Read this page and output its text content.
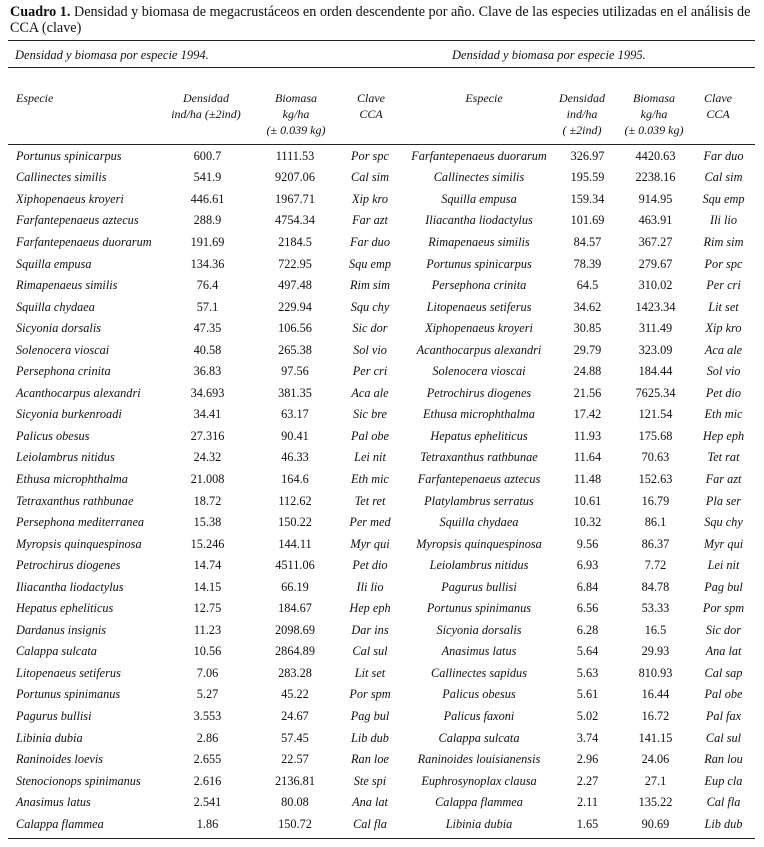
Cuadro 1. Densidad y biomasa de megacrustáceos en orden descendente por año. Clave de las especies utilizadas en el análisis de CCA (clave)
Densidad y biomasa por especie 1994.	Densidad y biomasa por especie 1995.
Especie	Densidad
ind/ha (±2ind)
Biomasa
kg/ha
(± 0.039 kg)
Clave
CCA
Especie	Densidad
ind/ha
( ±2ind)
Biomasa
kg/ha
(± 0.039 kg)
Clave
CCA
Portunus spinicarpus	600.7	1111.53	Por spc	Farfantepenaeus duorarum	326.97	4420.63	Far duo
Callinectes similis	541.9	9207.06	Cal sim	Callinectes similis	195.59	2238.16	Cal sim
Xiphopenaeus kroyeri	446.61	1967.71	Xip kro	Squilla empusa	159.34	914.95	Squ emp
Farfantepenaeus aztecus	288.9	4754.34	Far azt	Iliacantha liodactylus	101.69	463.91	Ili lio
Farfantepenaeus duorarum	191.69	2184.5	Far duo	Rimapenaeus similis	84.57	367.27	Rim sim
Squilla empusa	134.36	722.95	Squ emp	Portunus spinicarpus	78.39	279.67	Por spc
Rimapenaeus similis	76.4	497.48	Rim sim	Persephona crinita	64.5	310.02	Per cri
Squilla chydaea	57.1	229.94	Squ chy	Litopenaeus setiferus	34.62	1423.34	Lit set
Sicyonia dorsalis	47.35	106.56	Sic dor	Xiphopenaeus kroyeri	30.85	311.49	Xip kro
Solenocera vioscai	40.58	265.38	Sol vio	Acanthocarpus alexandri	29.79	323.09	Aca ale
Persephona crinita	36.83	97.56	Per cri	Solenocera vioscai	24.88	184.44	Sol vio
Acanthocarpus alexandri	34.693	381.35	Aca ale	Petrochirus diogenes	21.56	7625.34	Pet dio
Sicyonia burkenroadi	34.41	63.17	Sic bre	Ethusa microphthalma	17.42	121.54	Eth mic
Palicus obesus	27.316	90.41	Pal obe	Hepatus epheliticus	11.93	175.68	Hep eph
Leiolambrus nitidus	24.32	46.33	Lei nit	Tetraxanthus rathbunae	11.64	70.63	Tet rat
Ethusa microphthalma	21.008	164.6	Eth mic	Farfantepenaeus aztecus	11.48	152.63	Far azt
Tetraxanthus rathbunae	18.72	112.62	Tet ret	Platylambrus serratus	10.61	16.79	Pla ser
Persephona mediterranea	15.38	150.22	Per med	Squilla chydaea	10.32	86.1	Squ chy
Myropsis quinquespinosa	15.246	144.11	Myr qui	Myropsis quinquespinosa	9.56	86.37	Myr qui
Petrochirus diogenes	14.74	4511.06	Pet dio	Leiolambrus nitidus	6.93	7.72	Lei nit
Iliacantha liodactylus	14.15	66.19	Ili lio	Pagurus bullisi	6.84	84.78	Pag bul
Hepatus epheliticus	12.75	184.67	Hep eph	Portunus spinimanus	6.56	53.33	Por spm
Dardanus insignis	11.23	2098.69	Dar ins	Sicyonia dorsalis	6.28	16.5	Sic dor
Calappa sulcata	10.56	2864.89	Cal sul	Anasimus latus	5.64	29.93	Ana lat
Litopenaeus setiferus	7.06	283.28	Lit set	Callinectes sapidus	5.63	810.93	Cal sap
Portunus spinimanus	5.27	45.22	Por spm	Palicus obesus	5.61	16.44	Pal obe
Pagurus bullisi	3.553	24.67	Pag bul	Palicus faxoni	5.02	16.72	Pal fax
Libinia dubia	2.86	57.45	Lib dub	Calappa sulcata	3.74	141.15	Cal sul
Raninoides loevis	2.655	22.57	Ran loe	Raninoides louisianensis	2.96	24.06	Ran lou
Stenocionops spinimanus	2.616	2136.81	Ste spi	Euphrosynoplax clausa	2.27	27.1	Eup cla
Anasimus latus	2.541	80.08	Ana lat	Calappa flammea	2.11	135.22	Cal fla
Calappa flammea	1.86	150.72	Cal fla	Libinia dubia	1.65	90.69	Lib dub
